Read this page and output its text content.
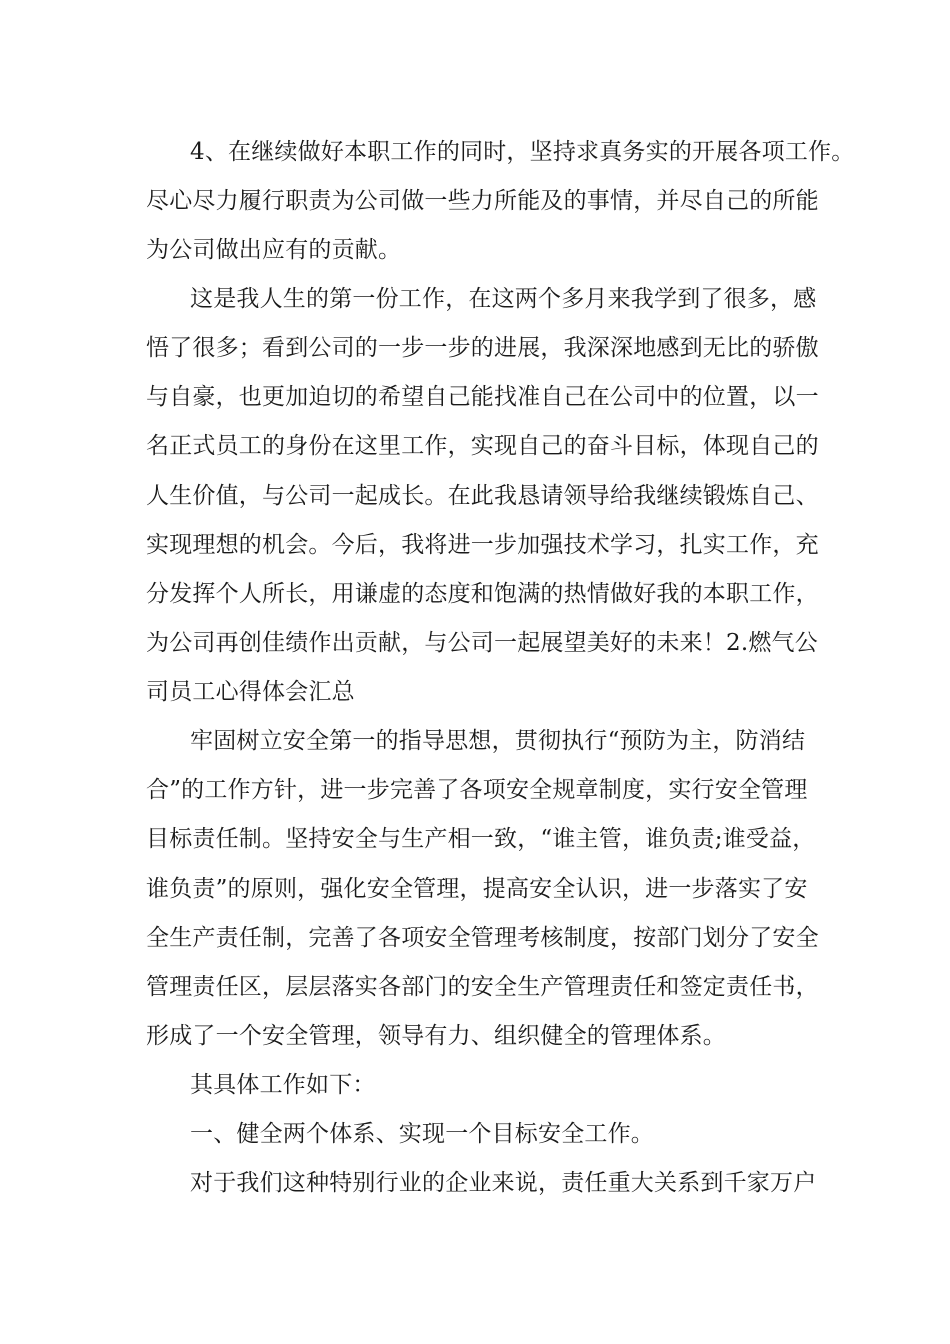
4、在继续做好本职工作的同时，坚持求真务实的开展各项工作。

尽心尽力履行职责为公司做一些力所能及的事情，并尽自己的所能

为公司做出应有的贡献。

这是我人生的第一份工作，在这两个多月来我学到了很多，感

悟了很多；看到公司的一步一步的进展，我深深地感到无比的骄傲

与自豪，也更加迫切的希望自己能找准自己在公司中的位置，以一

名正式员工的身份在这里工作，实现自己的奋斗目标，体现自己的

人生价值，与公司一起成长。在此我恳请领导给我继续锻炼自己、

实现理想的机会。今后，我将进一步加强技术学习，扎实工作，充

分发挥个人所长，用谦虚的态度和饱满的热情做好我的本职工作，

为公司再创佳绩作出贡献，与公司一起展望美好的未来！2.燃气公

司员工心得体会汇总

牢固树立安全第一的指导思想，贯彻执行“预防为主，防消结

合”的工作方针，进一步完善了各项安全规章制度，实行安全管理

目标责任制。坚持安全与生产相一致，“谁主管，谁负责;谁受益，

谁负责”的原则，强化安全管理，提高安全认识，进一步落实了安

全生产责任制，完善了各项安全管理考核制度，按部门划分了安全

管理责任区，层层落实各部门的安全生产管理责任和签定责任书，

形成了一个安全管理，领导有力、组织健全的管理体系。

其具体工作如下：

一、健全两个体系、实现一个目标安全工作。

对于我们这种特别行业的企业来说，责任重大关系到千家万户
